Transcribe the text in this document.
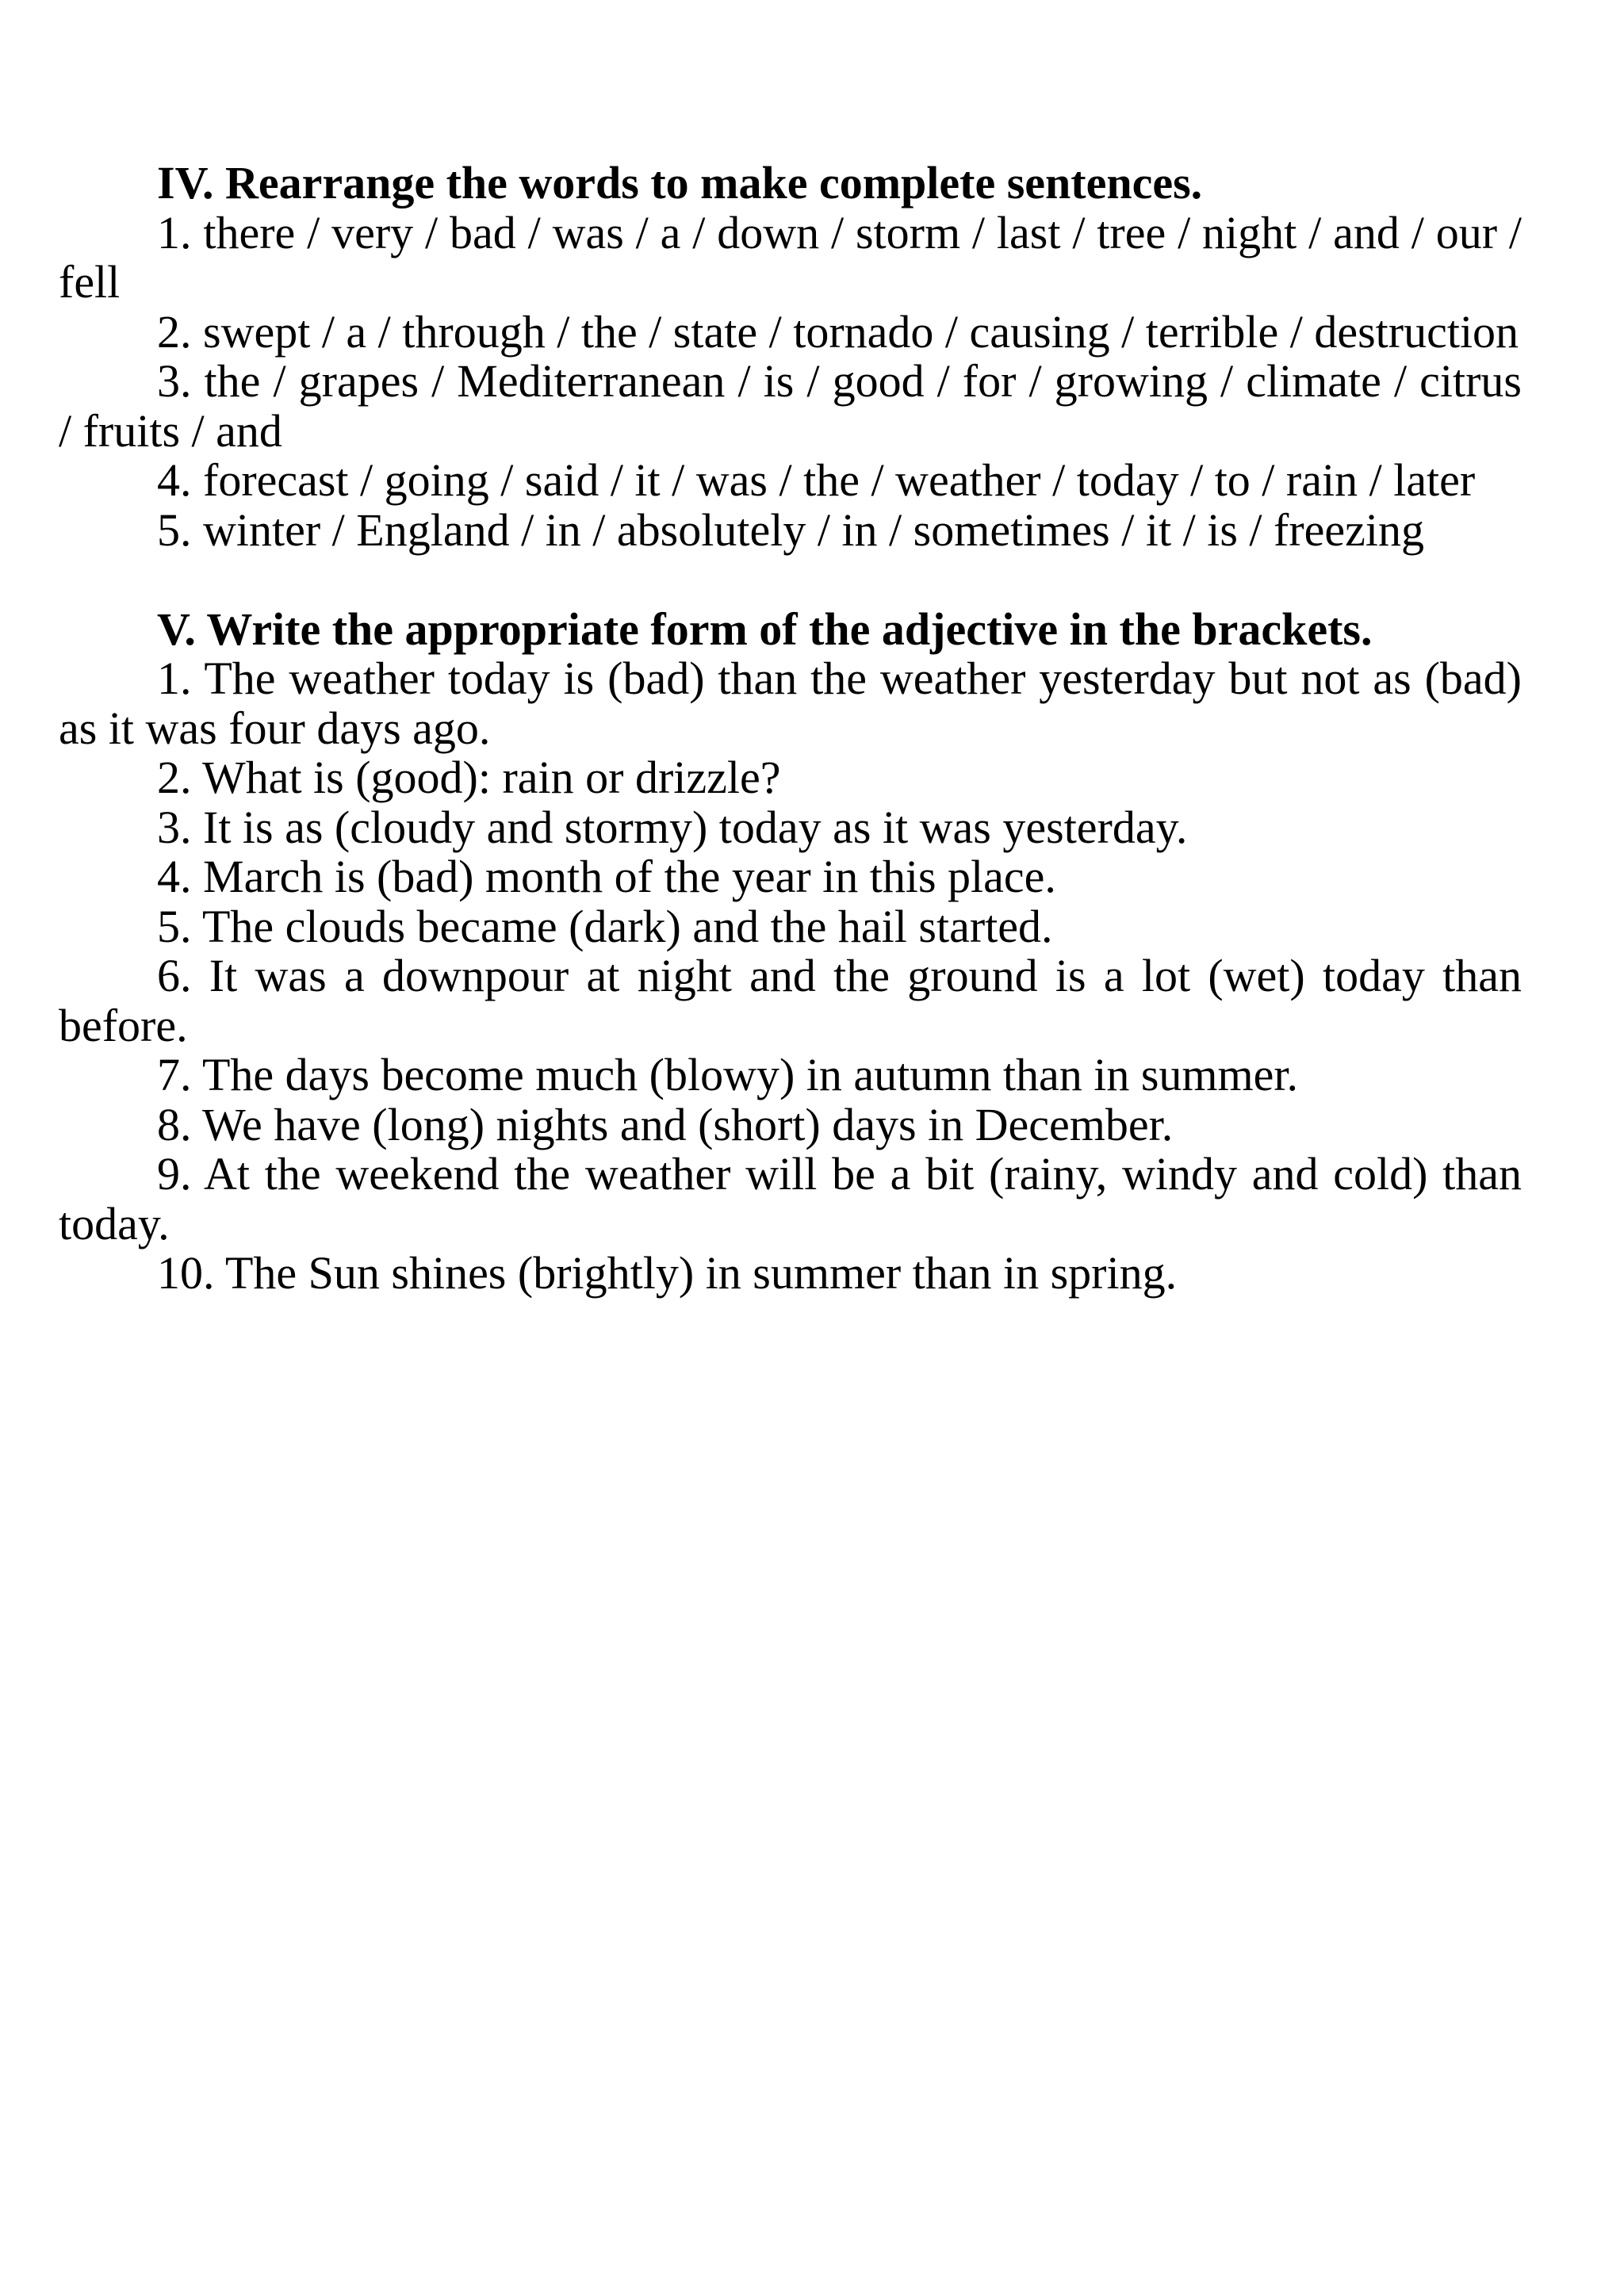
IV. Rearrange the words to make complete sentences.

1. there / very / bad / was / a / down / storm / last / tree / night / and / our / fell

2. swept / a / through / the / state / tornado / causing / terrible / destruction

3. the / grapes / Mediterranean / is / good / for / growing / climate / citrus / fruits / and

4. forecast / going / said / it / was / the / weather / today / to / rain / later

5. winter / England / in / absolutely / in / sometimes / it / is / freezing

V. Write the appropriate form of the adjective in the brackets.

1. The weather today is (bad) than the weather yesterday but not as (bad) as it was four days ago.

2. What is (good): rain or drizzle?

3. It is as (cloudy and stormy) today as it was yesterday.

4. March is (bad) month of the year in this place.

5. The clouds became (dark) and the hail started.

6. It was a downpour at night and the ground is a lot (wet) today than before.

7. The days become much (blowy) in autumn than in summer.

8. We have (long) nights and (short) days in December.

9. At the weekend the weather will be a bit (rainy, windy and cold) than today.

10. The Sun shines (brightly) in summer than in spring.
